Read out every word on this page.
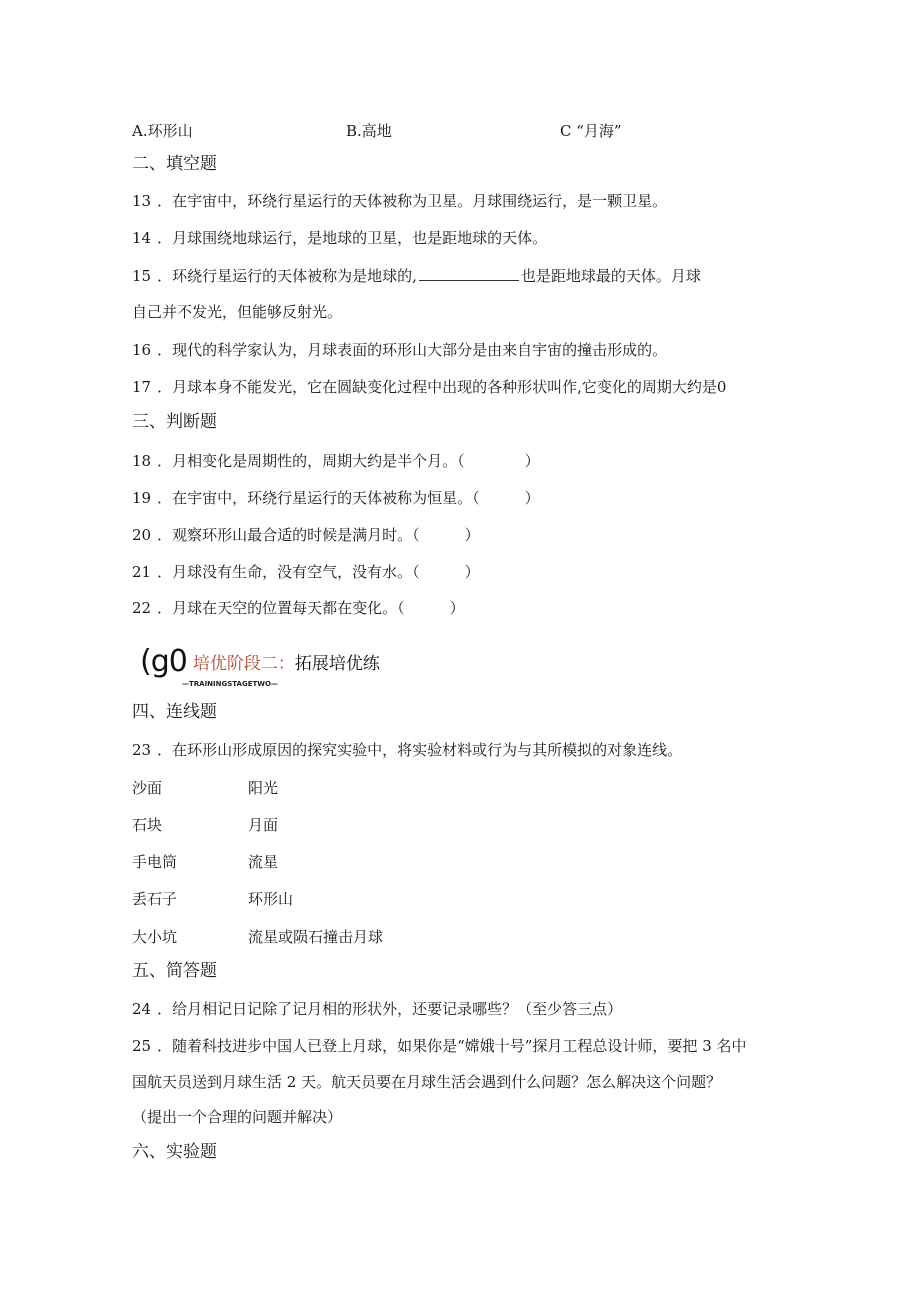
A.环形山	B.高地	C “月海”
二、填空题
13 ．在宇宙中，环绕行星运行的天体被称为卫星。月球围绕运行，是一颗卫星。
14 ．月球围绕地球运行，是地球的卫星，也是距地球的天体。
15 ．环绕行星运行的天体被称为是地球的,	也是距地球最的天体。月球
自己并不发光，但能够反射光。
16 ．现代的科学家认为，月球表面的环形山大部分是由来自宇宙的撞击形成的。
17 ．月球本身不能发光，它在圆缺变化过程中出现的各种形状叫作,它变化的周期大约是0
三、判断题
18 ．月相变化是周期性的，周期大约是半个月。（　　　　）
19 ．在宇宙中，环绕行星运行的天体被称为恒星。（　　　）
20 ．观察环形山最合适的时候是满月时。（　　　）
21 ．月球没有生命，没有空气，没有水。（　　　）
22 ．月球在天空的位置每天都在变化。（　　　）
(g0 培优阶段二：拓展培优练
—TRAININGSTAGETWO—
四、连线题
23 ．在环形山形成原因的探究实验中，将实验材料或行为与其所模拟的对象连线。
沙面	阳光
石块	月面
手电筒	流星
丢石子	环形山
大小坑	流星或陨石撞击月球
五、简答题
24 ．给月相记日记除了记月相的形状外，还要记录哪些？（至少答三点）
25 ．随着科技进步中国人已登上月球，如果你是“嫦娥十号”探月工程总设计师，要把 3 名中
国航天员送到月球生活 2 天。航天员要在月球生活会遇到什么问题？怎么解决这个问题？
（提出一个合理的问题并解决）
六、实验题
